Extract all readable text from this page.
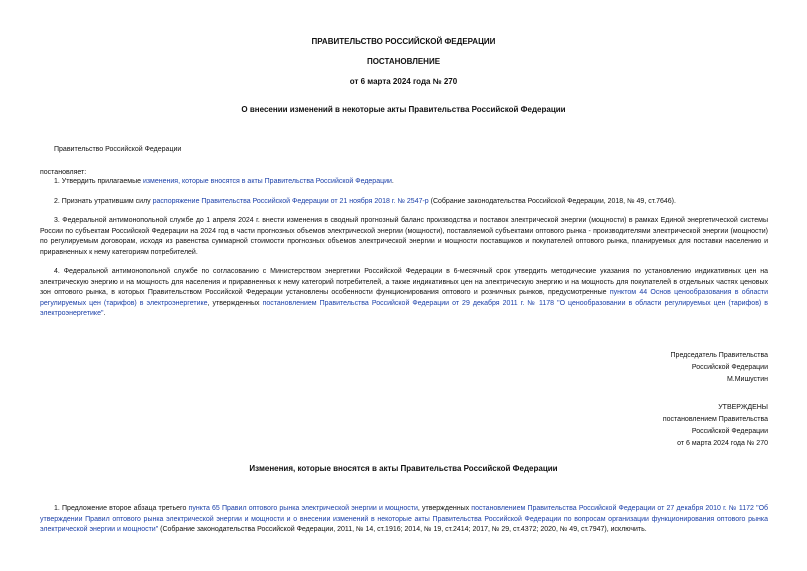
ПРАВИТЕЛЬСТВО РОССИЙСКОЙ ФЕДЕРАЦИИ
ПОСТАНОВЛЕНИЕ
от 6 марта 2024 года № 270
О внесении изменений в некоторые акты Правительства Российской Федерации
Правительство Российской Федерации
постановляет:
1. Утвердить прилагаемые изменения, которые вносятся в акты Правительства Российской Федерации.
2. Признать утратившим силу распоряжение Правительства Российской Федерации от 21 ноября 2018 г. № 2547-р (Собрание законодательства Российской Федерации, 2018, № 49, ст.7646).
3. Федеральной антимонопольной службе до 1 апреля 2024 г. внести изменения в сводный прогнозный баланс производства и поставок электрической энергии (мощности) в рамках Единой энергетической системы России по субъектам Российской Федерации на 2024 год в части прогнозных объемов электрической энергии (мощности), поставляемой субъектами оптового рынка - производителями электрической энергии (мощности) по регулируемым договорам, исходя из равенства суммарной стоимости прогнозных объемов электрической энергии и мощности поставщиков и покупателей оптового рынка, планируемых для поставки населению и приравненных к нему категориям потребителей.
4. Федеральной антимонопольной службе по согласованию с Министерством энергетики Российской Федерации в 6-месячный срок утвердить методические указания по установлению индикативных цен на электрическую энергию и на мощность для населения и приравненных к нему категорий потребителей, а также индикативных цен на электрическую энергию и на мощность для покупателей в отдельных частях ценовых зон оптового рынка, в которых Правительством Российской Федерации установлены особенности функционирования оптового и розничных рынков, предусмотренные пунктом 44 Основ ценообразования в области регулируемых цен (тарифов) в электроэнергетике, утвержденных постановлением Правительства Российской Федерации от 29 декабря 2011 г. № 1178 "О ценообразовании в области регулируемых цен (тарифов) в электроэнергетике".
Председатель Правительства
Российской Федерации
М.Мишустин
УТВЕРЖДЕНЫ
постановлением Правительства
Российской Федерации
от 6 марта 2024 года № 270
Изменения, которые вносятся в акты Правительства Российской Федерации
1. Предложение второе абзаца третьего пункта 65 Правил оптового рынка электрической энергии и мощности, утвержденных постановлением Правительства Российской Федерации от 27 декабря 2010 г. № 1172 "Об утверждении Правил оптового рынка электрической энергии и мощности и о внесении изменений в некоторые акты Правительства Российской Федерации по вопросам организации функционирования оптового рынка электрической энергии и мощности" (Собрание законодательства Российской Федерации, 2011, № 14, ст.1916; 2014, № 19, ст.2414; 2017, № 29, ст.4372; 2020, № 49, ст.7947), исключить.
